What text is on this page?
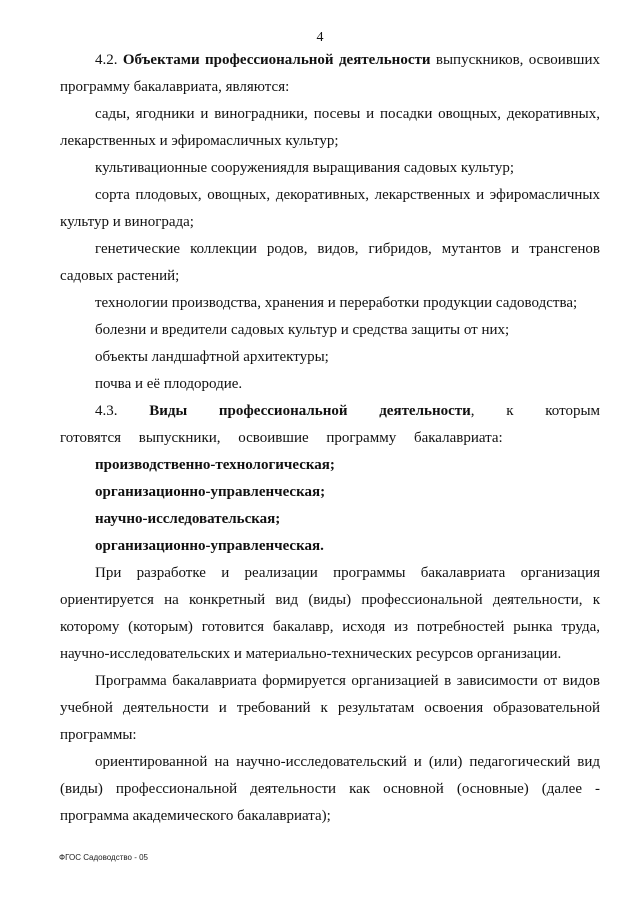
4

4.2. Объектами профессиональной деятельности выпускников, освоивших программу бакалавриата, являются:

сады, ягодники и виноградники, посевы и посадки овощных, декоративных, лекарственных и эфиромасличных культур;

культивационные сооружениядля выращивания садовых культур;

сорта плодовых, овощных, декоративных, лекарственных и эфиромасличных культур и винограда;

генетические коллекции родов, видов, гибридов, мутантов и трансгенов садовых растений;

технологии производства, хранения и переработки продукции садоводства;

болезни и вредители садовых культур и средства защиты от них;

объекты ландшафтной архитектуры;

почва и её плодородие.

4.3. Виды профессиональной деятельности, к которым готовятся выпускники, освоившие программу бакалавриата:

производственно-технологическая;

организационно-управленческая;

научно-исследовательская;

организационно-управленческая.

При разработке и реализации программы бакалавриата организация ориентируется на конкретный вид (виды) профессиональной деятельности, к которому (которым) готовится бакалавр, исходя из потребностей рынка труда, научно-исследовательских и материально-технических ресурсов организации.

Программа бакалавриата формируется организацией в зависимости от видов учебной деятельности и требований к результатам освоения образовательной программы:

ориентированной на научно-исследовательский и (или) педагогический вид (виды) профессиональной деятельности как основной (основные) (далее - программа академического бакалавриата);

ФГОС Садоводство - 05
